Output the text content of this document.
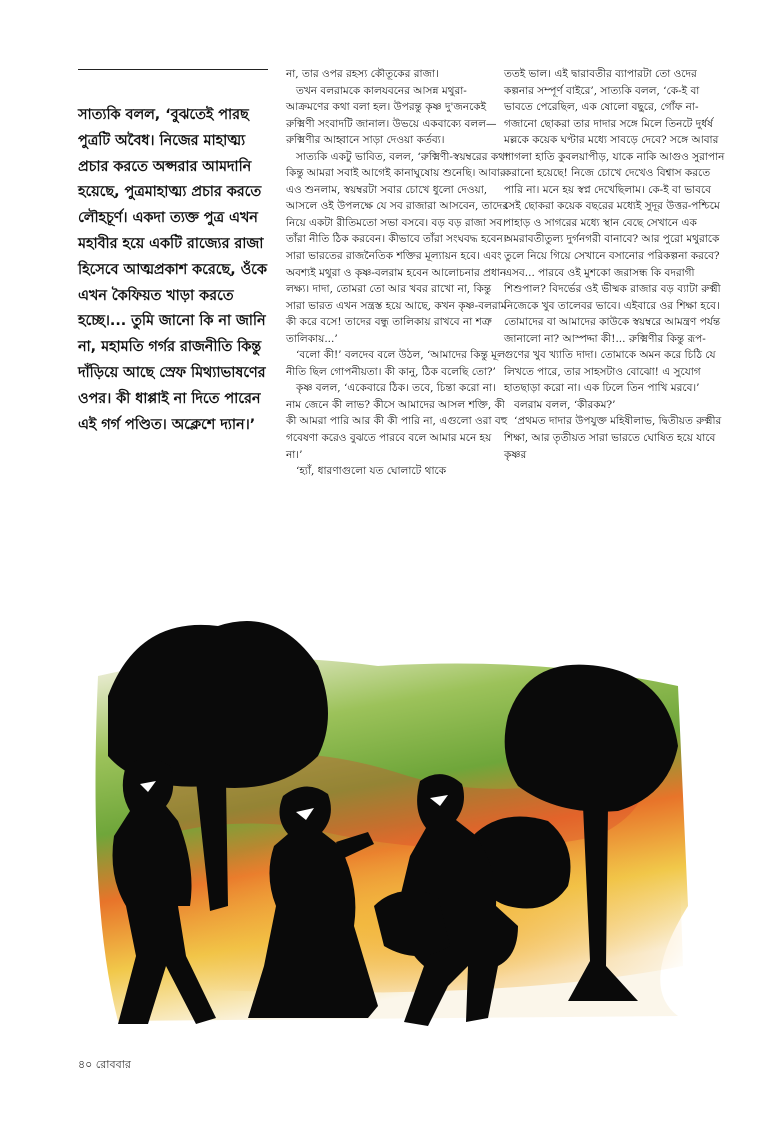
সাত্যকি বলল, ‘বুঝতেই পারছ পুত্রটি অবৈধ। নিজের মাহাত্ম্য প্রচার করতে অপ্সরার আমদানি হয়েছে, পুত্রমাহাত্ম্য প্রচার করতে লৌহচূর্ণ। একদা ত্যক্ত পুত্র এখন মহাবীর হয়ে একটি রাজ্যের রাজা হিসেবে আত্মপ্রকাশ করেছে, ওঁকে এখন কৈফিয়ত খাড়া করতে হচ্ছে।... তুমি জানো কি না জানি না, মহামতি গর্গর রাজনীতি কিন্তু দাঁড়িয়ে আছে স্রেফ মিথ্যাভাষণের ওপর। কী ধাপ্পাই না দিতে পারেন এই গর্গ পণ্ডিত। অক্লেশে দ্যান।’

না, তার ওপর রহস্য কৌতূকের রাজা।

তখন বলরামকে কালযবনের আসন্ন মথুরা-আক্রমণের কথা বলা হল। উপরন্তু কৃষ্ণ দু'জনকেই রুক্মিণী সংবাদটি জানাল। উভয়ে একবাক্যে বলল— রুক্মিণীর আহ্বানে সাড়া দেওয়া কর্তব্য।

সাত্যকি একটু ভাবিত, বলল, ‘রুক্মিণী-স্বয়ম্বরের কথা কিন্তু আমরা সবাই আগেই কানাঘুষোয় শুনেছি। আবার এও শুনলাম, স্বয়ম্বরটা সবার চোখে ধুলো দেওয়া, আসলে ওই উপলক্ষে যে সব রাজারা আসবেন, তাদের নিয়ে একটা রীতিমতো সভা বসবে। বড় বড় রাজা সব। তাঁরা নীতি ঠিক করবেন। কীভাবে তাঁরা সংঘবদ্ধ হবেন। সারা ভারতের রাজনৈতিক শক্তির মূল্যায়ন হবে। এবং অবশ্যই মথুরা ও কৃষ্ণ-বলরাম হবেন আলোচনার প্রধান লক্ষ্য। দাদা, তোমরা তো আর খবর রাখো না, কিন্তু সারা ভারত এখন সন্ত্রস্ত হয়ে আছে, কখন কৃষ্ণ-বলরাম কী করে বসে! তাদের বন্ধু তালিকায় রাখবে না শত্রু তালিকায়...’

‘বলো কী!’ বলদেব বলে উঠল, ‘আমাদের কিন্তু মূল নীতি ছিল গোপনীয়তা। কী কানু, ঠিক বলেছি তো?’

কৃষ্ণ বলল, ‘একেবারে ঠিক। তবে, চিন্তা করো না। নাম জেনে কী লাভ? কীসে আমাদের আসল শক্তি, কী কী আমরা পারি আর কী কী পারি না, এগুলো ওরা বহু গবেষণা করেও বুঝতে পারবে বলে আমার মনে হয় না।’

‘হ্যাঁ, ধারণাগুলো যত ঘোলাটে থাকে

ততই ভাল। এই দ্বারাবতীর ব্যাপারটা তো ওদের কল্পনার সম্পূর্ণ বাইরে’, সাত্যকি বলল, ‘কে-ই বা ভাবতে পেরেছিল, এক ষোলো বছুরে, গোঁফ না-গজানো ছোকরা তার দাদার সঙ্গে মিলে তিনটে দুর্ধর্ষ মল্লকে কয়েক ঘণ্টার মধ্যে সাবড়ে দেবে? সঙ্গে আবার পাগলা হাতি কুবলয়াপীড়, যাকে নাকি আগুও সুরাপান করানো হয়েছে! নিজে চোখে দেখেও বিশ্বাস করতে পারি না। মনে হয় স্বপ্ন দেখেছিলাম। কে-ই বা ভাববে সেই ছোকরা কয়েক বছরের মধ্যেই সুদূর উত্তর-পশ্চিমে পাহাড় ও সাগরের মধ্যে স্থান বেছে সেখানে এক অমরাবতীতুল্য দুর্গনগরী বানাবে? আর পুরো মথুরাকে তুলে নিয়ে গিয়ে সেখানে বসানোর পরিকল্পনা করবে? এসব... পারবে ওই মুশকো জরাসন্ধ কি বদরাগী শিশুপাল? বিদর্ভের ওই ভীষ্মক রাজার বড় ব্যাটা রুক্মী নিজেকে খুব তালেবর ভাবে। এইবারে ওর শিক্ষা হবে। তোমাদের বা আমাদের কাউকে স্বয়ম্বরে আমন্ত্রণ পর্যন্ত জানালো না? আস্পদ্দা কী!... রুক্মিণীর কিন্তু রূপ-গুণের খুব খ্যাতি দাদা। তোমাকে অমন করে চিঠি যে লিখতে পারে, তার সাহসটাও বোঝো! এ সুযোগ হাতছাড়া করো না। এক ঢিলে তিন পাখি মরবে।’

বলরাম বলল, ‘কীরকম?’

‘প্রথমত দাদার উপযুক্ত মহিষীলাভ, দ্বিতীয়ত রুক্মীর শিক্ষা, আর তৃতীয়ত সারা ভারতে ঘোষিত হয়ে যাবে কৃষ্ণর

৪০ রোববার
